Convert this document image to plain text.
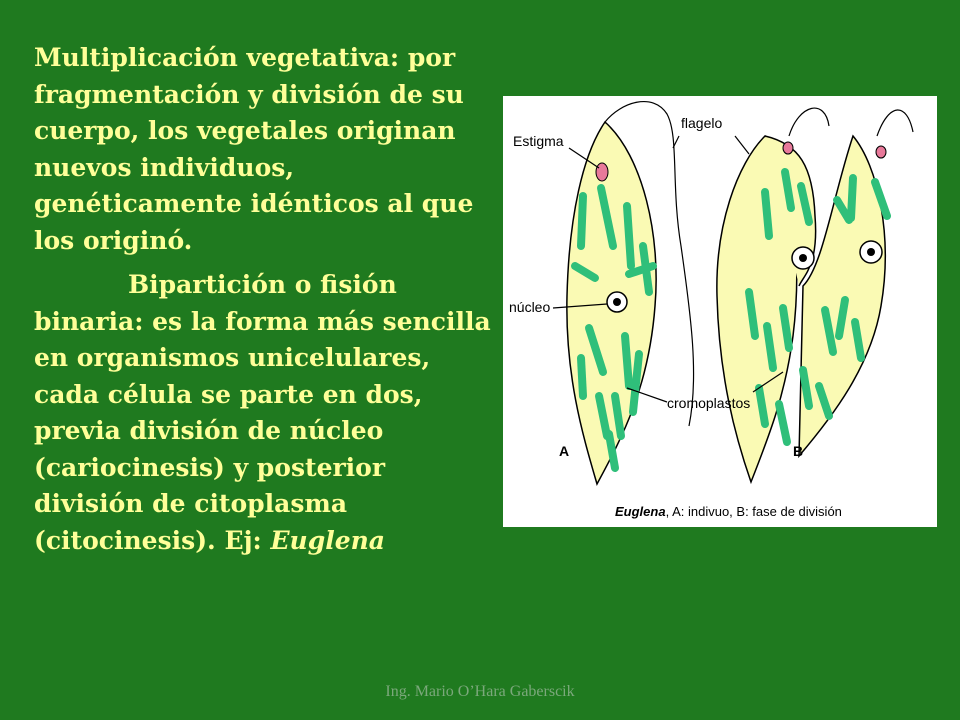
Multiplicación vegetativa: por fragmentación y división de su cuerpo, los vegetales originan nuevos individuos, genéticamente idénticos al que los originó.

Bipartición o fisión binaria: es la forma más sencilla en organismos unicelulares, cada célula se parte en dos, previa división de núcleo (cariocinesis) y posterior división de citoplasma (citocinesis). Ej: Euglena

Estigma
flagelo
núcleo
cromoplastos
A	B
Euglena, A: indivuo, B: fase de división
Ing. Mario O’Hara Gaberscik
